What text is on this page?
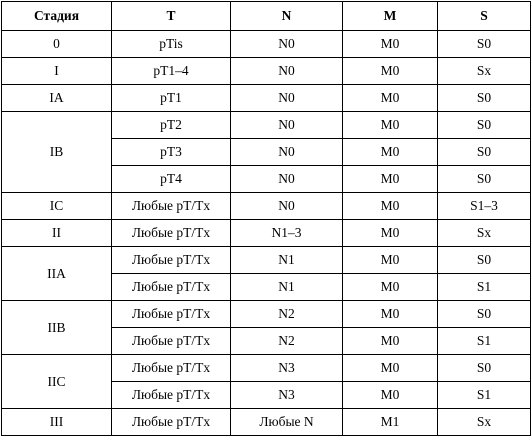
Стадия	T	N	M	S
0	pTis	N0	M0	S0
I	pT1–4	N0	M0	Sx
IA	pT1	N0	M0	S0
IB	pT2	N0	M0	S0
	pT3	N0	M0	S0
	pT4	N0	M0	S0
IC	Любые pT/Tx	N0	M0	S1–3
II	Любые pT/Tx	N1–3	M0	Sx
IIA	Любые pT/Tx	N1	M0	S0
	Любые pT/Tx	N1	M0	S1
IIB	Любые pT/Tx	N2	M0	S0
	Любые pT/Tx	N2	M0	S1
IIC	Любые pT/Tx	N3	M0	S0
	Любые pT/Tx	N3	M0	S1
III	Любые pT/Tx	Любые N	M1	Sx
